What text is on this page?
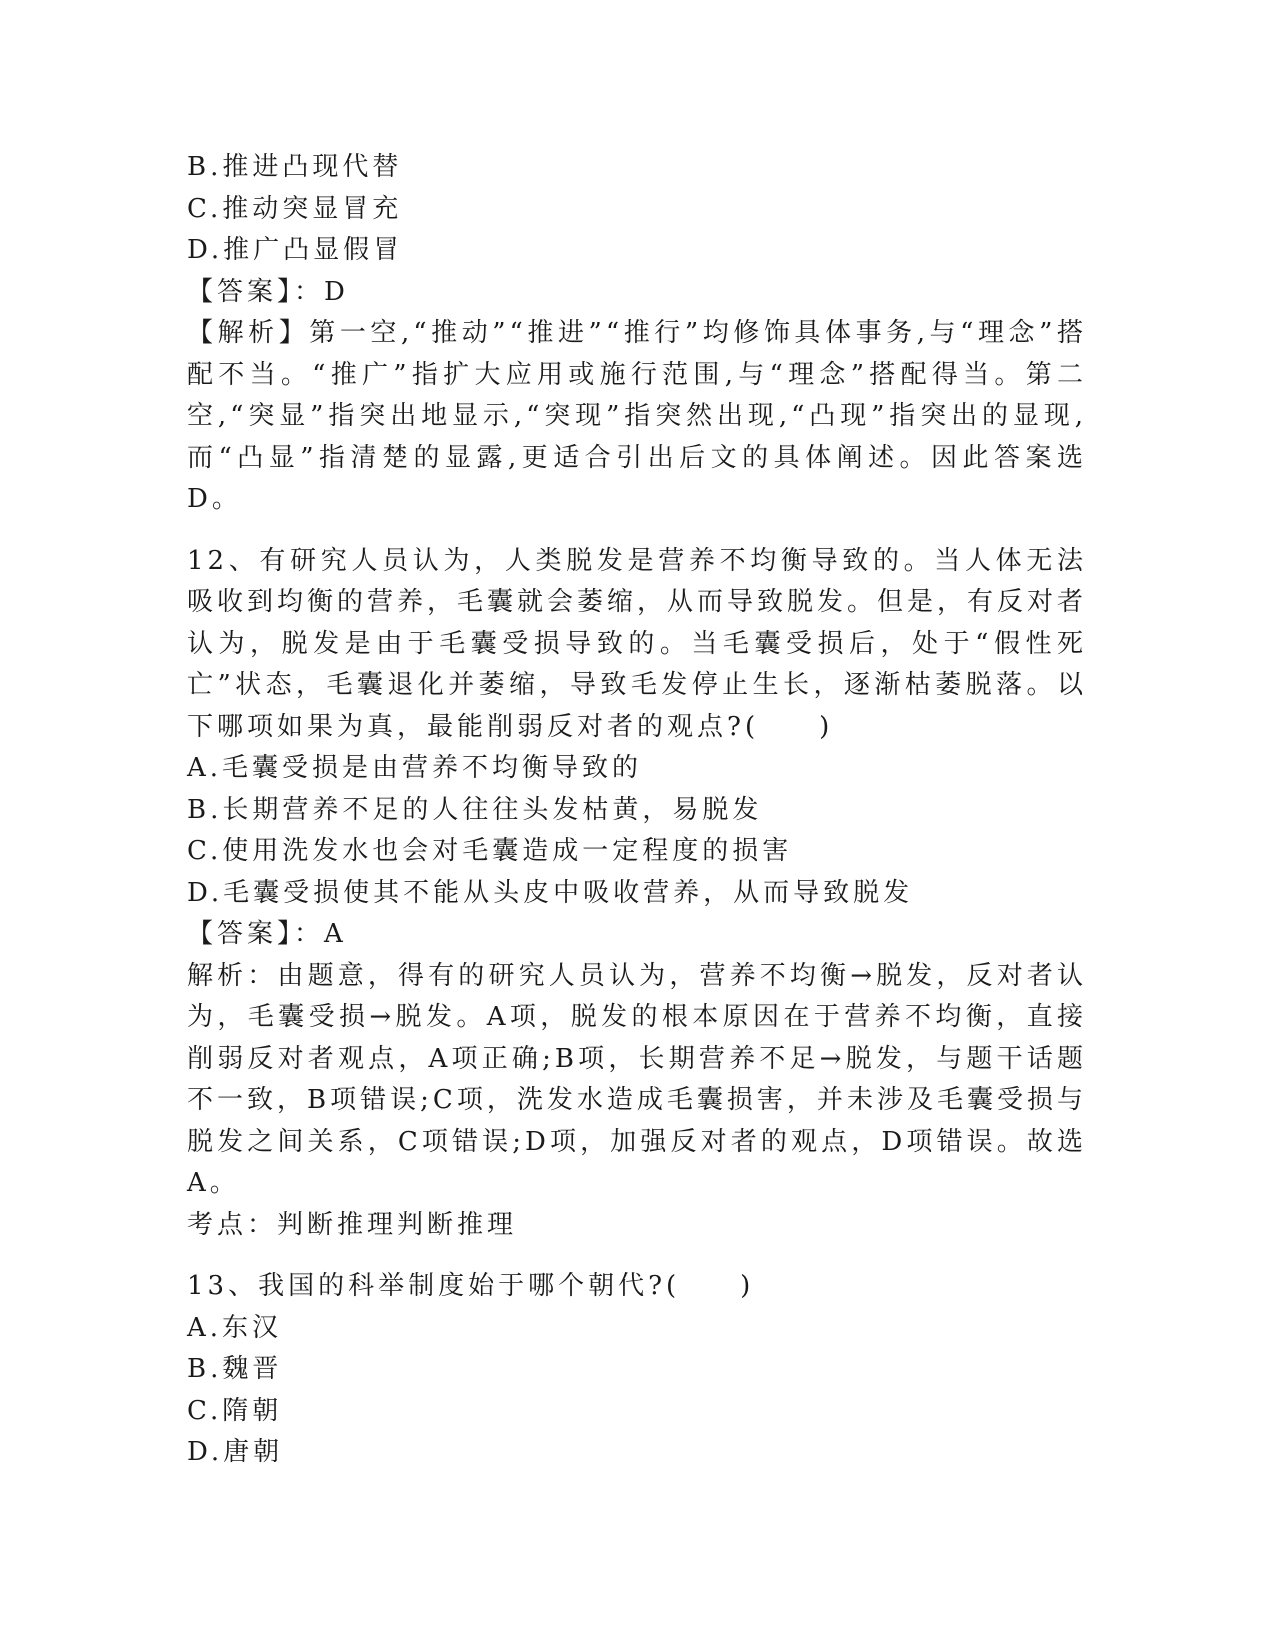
B.推进凸现代替
C.推动突显冒充
D.推广凸显假冒
【答案】：D
【解析】第一空,“推动”“推进”“推行”均修饰具体事务,与“理念”搭配不当。“推广”指扩大应用或施行范围,与“理念”搭配得当。第二空,“突显”指突出地显示,“突现”指突然出现,“凸现”指突出的显现,而“凸显”指清楚的显露,更适合引出后文的具体阐述。因此答案选D。
12、有研究人员认为，人类脱发是营养不均衡导致的。当人体无法吸收到均衡的营养，毛囊就会萎缩，从而导致脱发。但是，有反对者认为，脱发是由于毛囊受损导致的。当毛囊受损后，处于“假性死亡”状态，毛囊退化并萎缩，导致毛发停止生长，逐渐枯萎脱落。以下哪项如果为真，最能削弱反对者的观点?(　　)
A.毛囊受损是由营养不均衡导致的
B.长期营养不足的人往往头发枯黄，易脱发
C.使用洗发水也会对毛囊造成一定程度的损害
D.毛囊受损使其不能从头皮中吸收营养，从而导致脱发
【答案】：A
解析：由题意，得有的研究人员认为，营养不均衡→脱发，反对者认为，毛囊受损→脱发。A项，脱发的根本原因在于营养不均衡，直接削弱反对者观点，A项正确;B项，长期营养不足→脱发，与题干话题不一致，B项错误;C项，洗发水造成毛囊损害，并未涉及毛囊受损与脱发之间关系，C项错误;D项，加强反对者的观点，D项错误。故选A。
考点：判断推理判断推理
13、我国的科举制度始于哪个朝代?(　　)
A.东汉
B.魏晋
C.隋朝
D.唐朝
